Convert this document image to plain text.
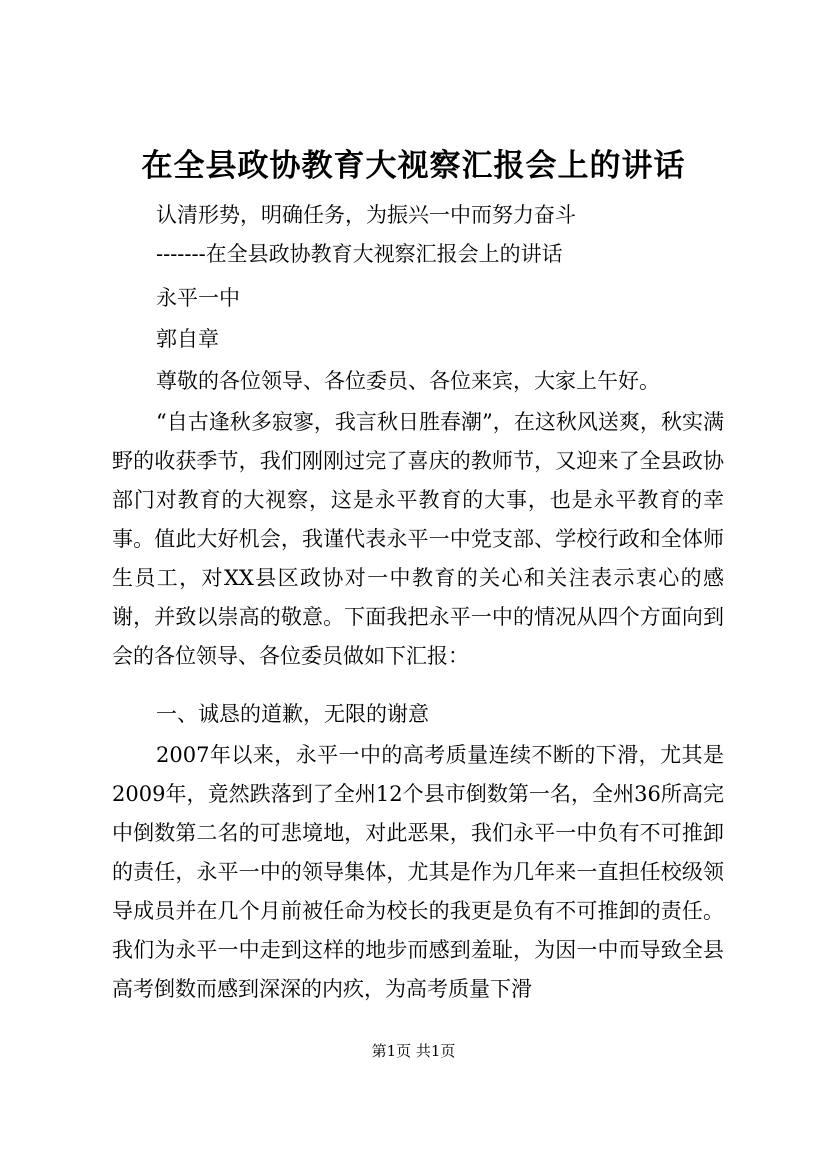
在全县政协教育大视察汇报会上的讲话

认清形势，明确任务，为振兴一中而努力奋斗

-------在全县政协教育大视察汇报会上的讲话

永平一中

郭自章

尊敬的各位领导、各位委员、各位来宾，大家上午好。

“自古逢秋多寂寥，我言秋日胜春潮”，在这秋风送爽，秋实满野的收获季节，我们刚刚过完了喜庆的教师节，又迎来了全县政协部门对教育的大视察，这是永平教育的大事，也是永平教育的幸事。值此大好机会，我谨代表永平一中党支部、学校行政和全体师生员工，对XX县区政协对一中教育的关心和关注表示衷心的感谢，并致以崇高的敬意。下面我把永平一中的情况从四个方面向到会的各位领导、各位委员做如下汇报：

一、诚恳的道歉，无限的谢意

2007年以来，永平一中的高考质量连续不断的下滑，尤其是2009年，竟然跌落到了全州12个县市倒数第一名，全州36所高完中倒数第二名的可悲境地，对此恶果，我们永平一中负有不可推卸的责任，永平一中的领导集体，尤其是作为几年来一直担任校级领导成员并在几个月前被任命为校长的我更是负有不可推卸的责任。我们为永平一中走到这样的地步而感到羞耻，为因一中而导致全县高考倒数而感到深深的内疚，为高考质量下滑

第1页 共1页
